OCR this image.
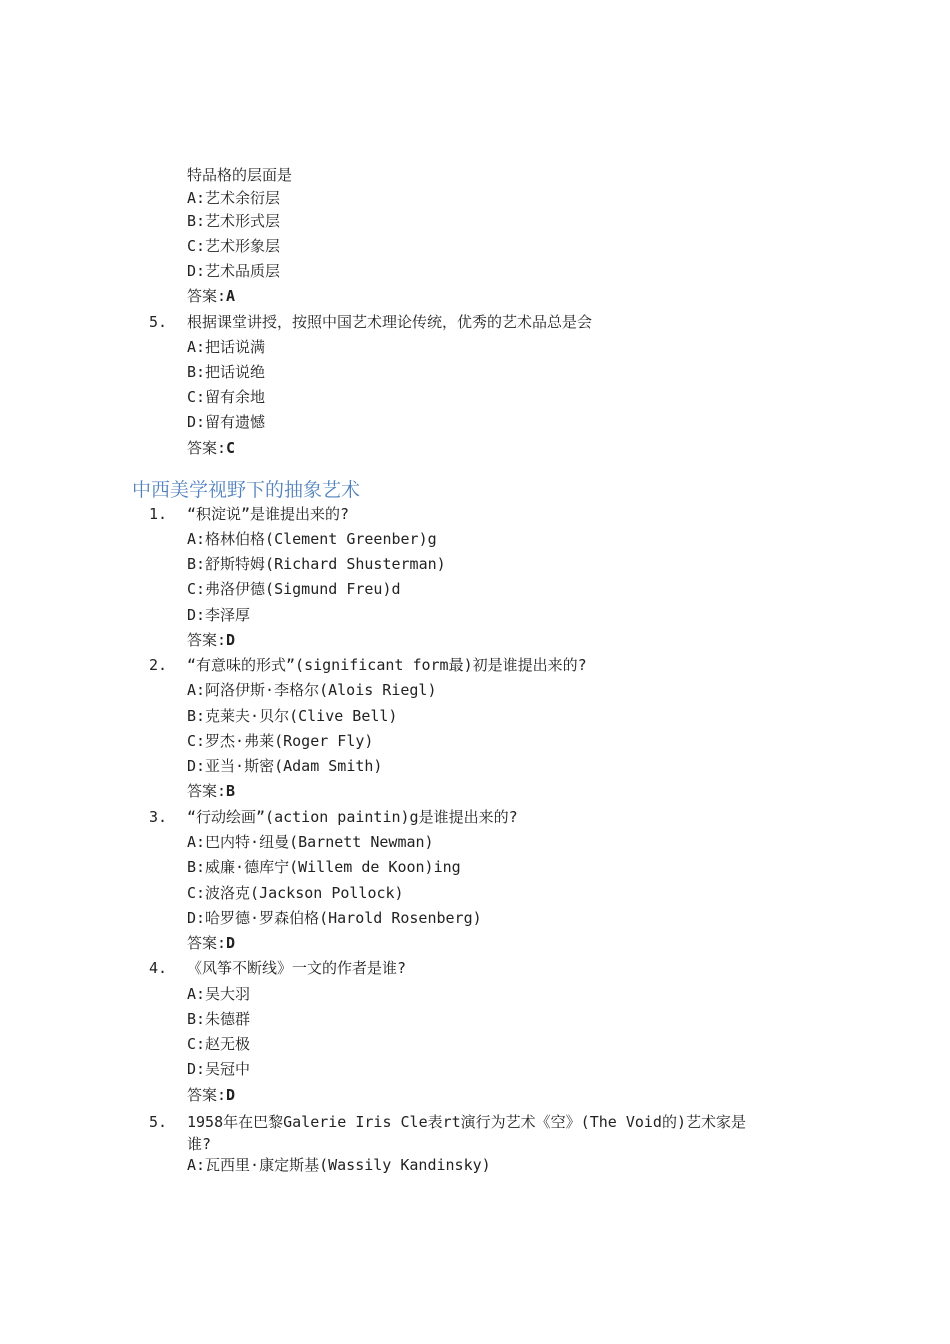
特品格的层面是
A:艺术余衍层
B:艺术形式层
C:艺术形象层
D:艺术品质层
答案:A
5. 根据课堂讲授，按照中国艺术理论传统，优秀的艺术品总是会
A:把话说满
B:把话说绝
C:留有余地
D:留有遗憾
答案:C
中西美学视野下的抽象艺术
1. “积淀说”是谁提出来的?
A:格林伯格(Clement Greenber)g
B:舒斯特姆(Richard Shusterman)
C:弗洛伊德(Sigmund Freu)d
D:李泽厚
答案:D
2. “有意味的形式”(significant form最)初是谁提出来的?
A:阿洛伊斯·李格尔(Alois Riegl)
B:克莱夫·贝尔(Clive Bell)
C:罗杰·弗莱(Roger Fly)
D:亚当·斯密(Adam Smith)
答案:B
3. “行动绘画”(action paintin)g是谁提出来的?
A:巴内特·纽曼(Barnett Newman)
B:威廉·德库宁(Willem de Koon)ing
C:波洛克(Jackson Pollock)
D:哈罗德·罗森伯格(Harold Rosenberg)
答案:D
4. 《风筝不断线》一文的作者是谁?
A:吴大羽
B:朱德群
C:赵无极
D:吴冠中
答案:D
5. 1958年在巴黎Galerie Iris Cle表rt演行为艺术《空》(The Void的)艺术家是
谁?
A:瓦西里·康定斯基(Wassily Kandinsky)
